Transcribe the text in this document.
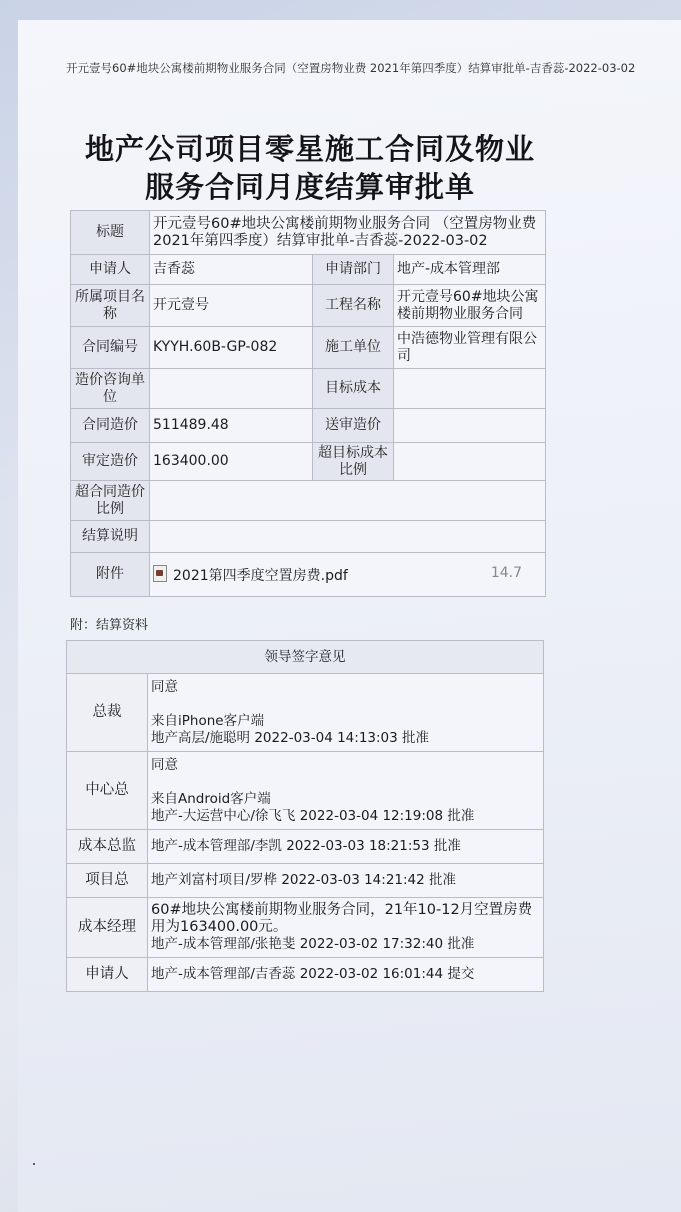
开元壹号60#地块公寓楼前期物业服务合同（空置房物业费 2021年第四季度）结算审批单-吉香蕊-2022-03-02
地产公司项目零星施工合同及物业
服务合同月度结算审批单
标题	开元壹号60#地块公寓楼前期物业服务合同 （空置房物业费 2021年第四季度）结算审批单-吉香蕊-2022-03-02		
申请人	吉香蕊	申请部门	地产-成本管理部
所属项目名称	开元壹号	工程名称	开元壹号60#地块公寓楼前期物业服务合同
合同编号	KYYH.60B-GP-082	施工单位	中浩德物业管理有限公司
造价咨询单位		目标成本	
合同造价	511489.48	送审造价	
审定造价	163400.00	超目标成本比例	
超合同造价比例			
结算说明			
附件	2021第四季度空置房费.pdf 14.7		
附：结算资料
领导签字意见	
总裁	同意
来自iPhone客户端
地产高层/施聪明 2022-03-04 14:13:03 批准

中心总	同意
来自Android客户端
地产-大运营中心/徐飞飞 2022-03-04 12:19:08 批准

成本总监	地产-成本管理部/李凯 2022-03-03 18:21:53 批准
项目总	地产刘富村项目/罗桦 2022-03-03 14:21:42 批准
成本经理	60#地块公寓楼前期物业服务合同，21年10-12月空置房费用为163400.00元。
地产-成本管理部/张艳斐 2022-03-02 17:32:40 批准

申请人	地产-成本管理部/吉香蕊 2022-03-02 16:01:44 提交
